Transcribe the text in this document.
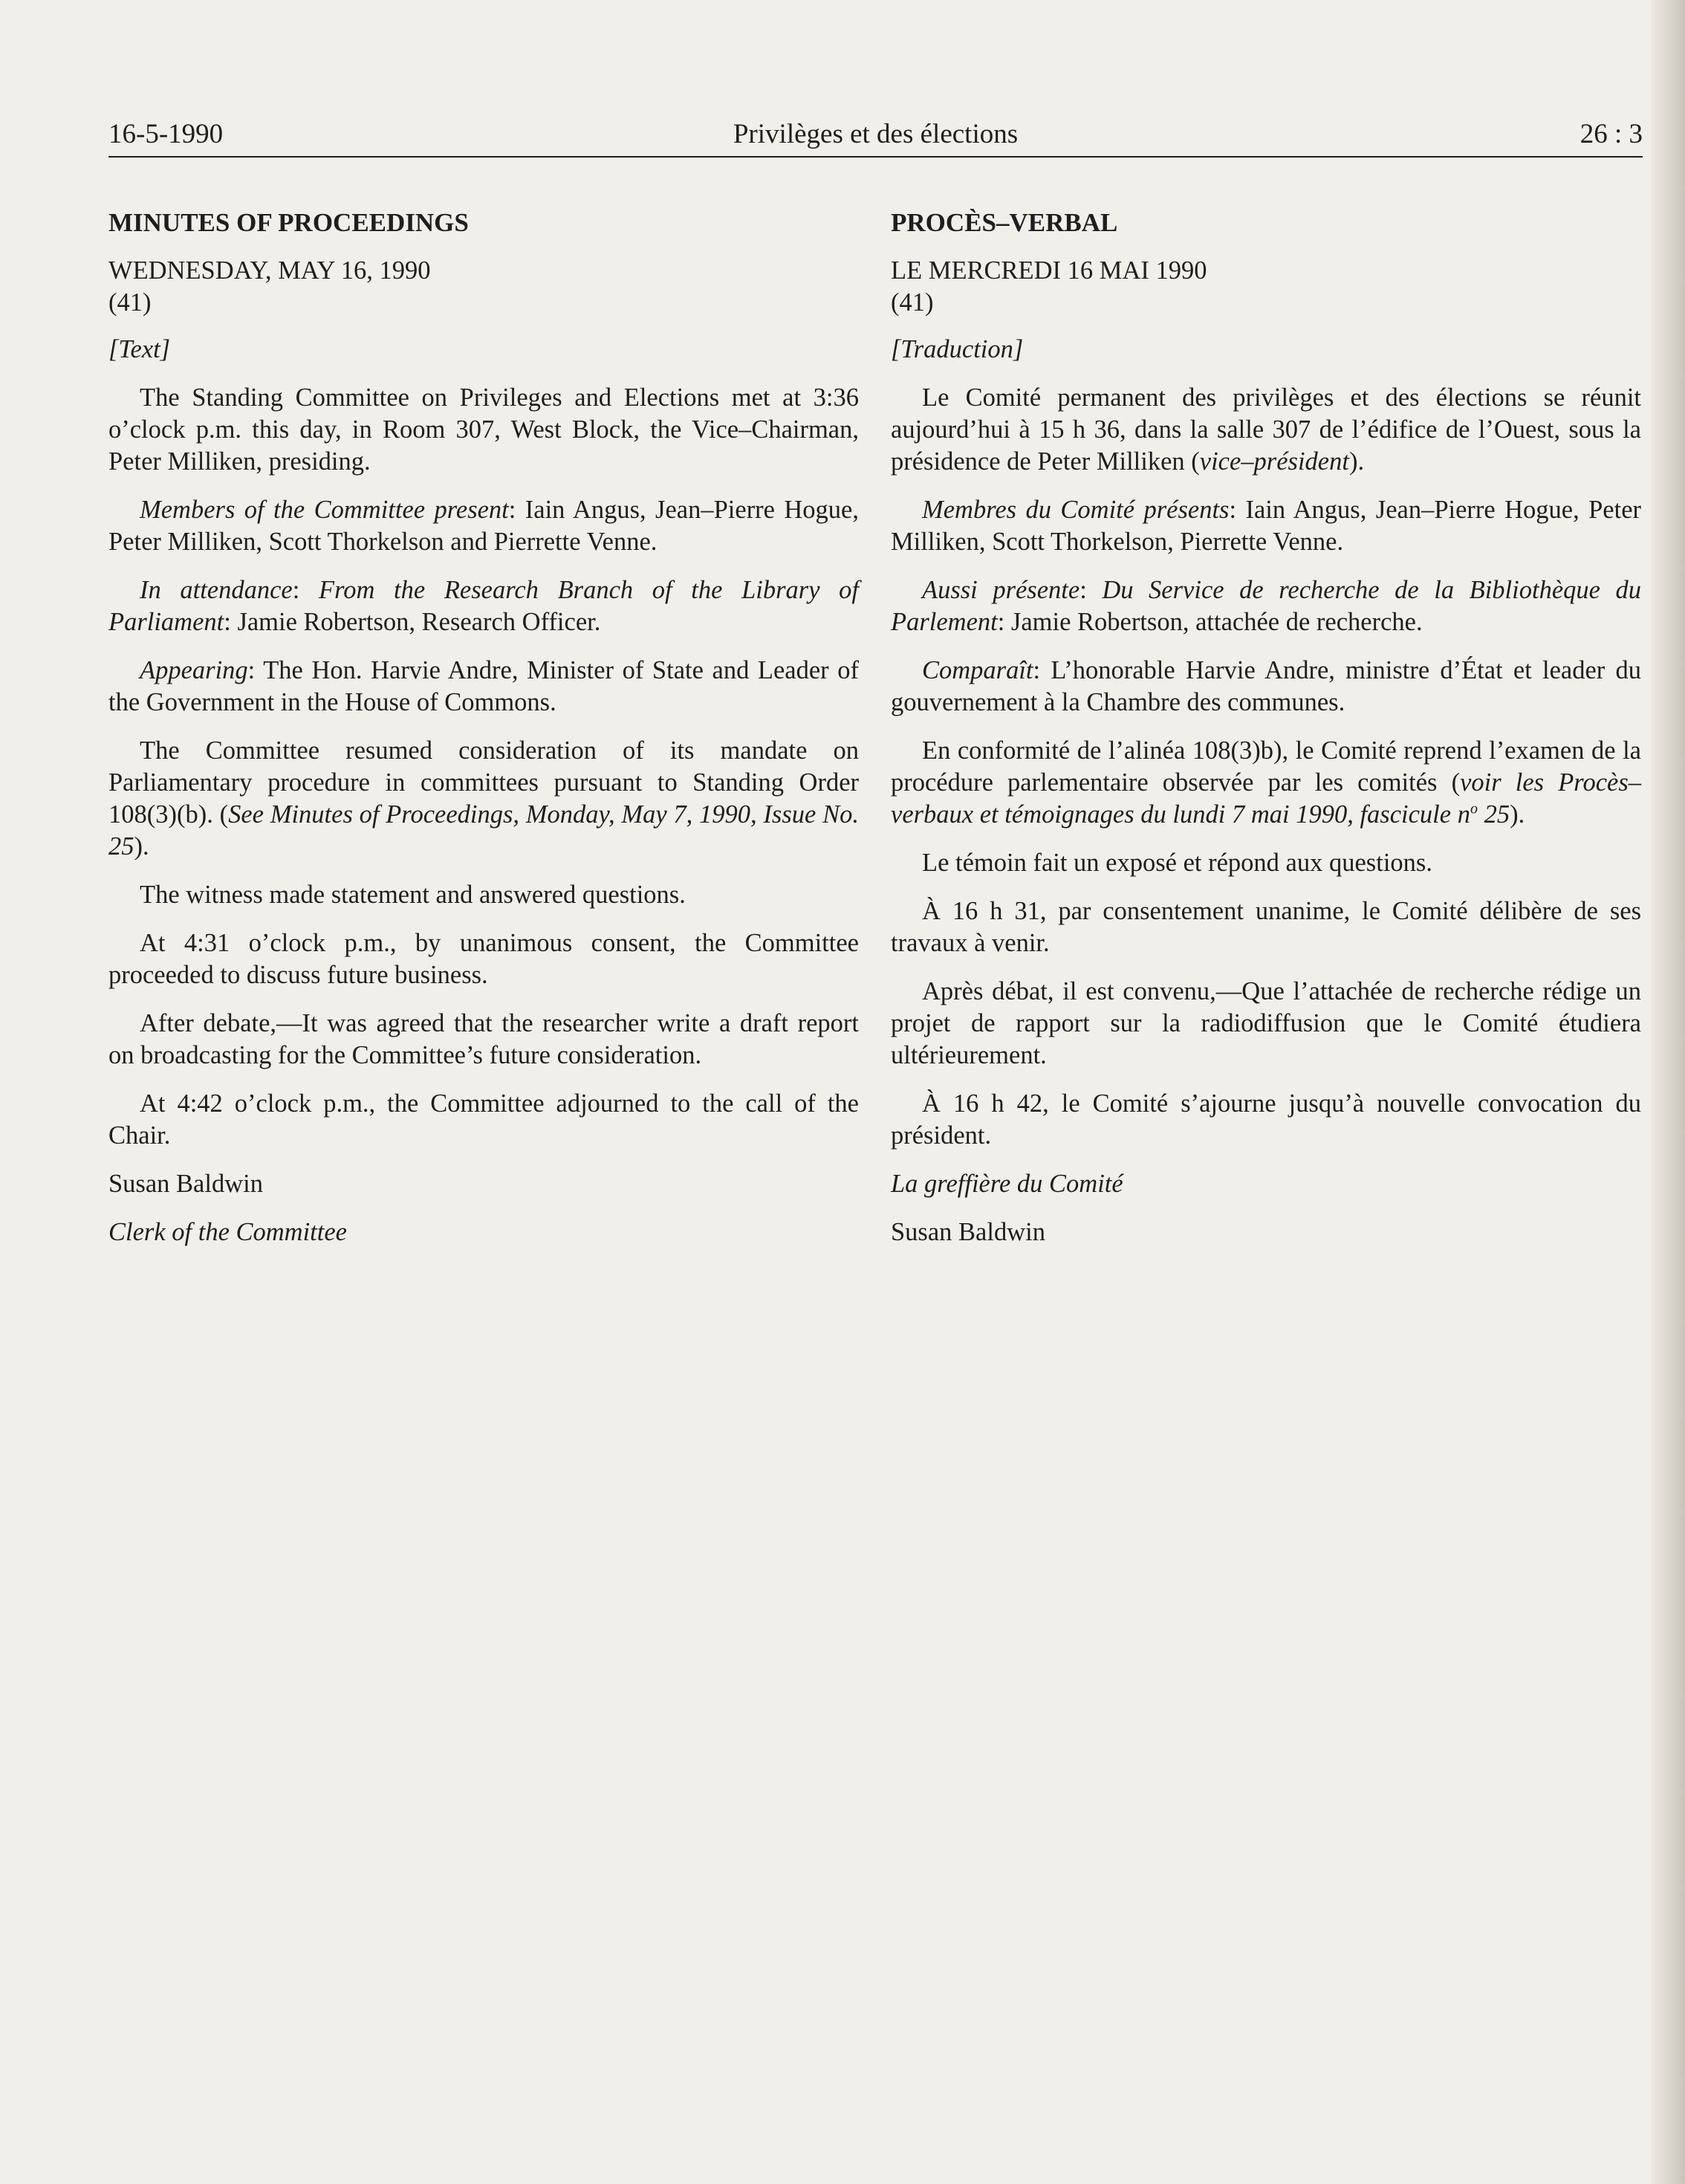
16-5-1990	Privilèges et des élections	26 : 3

MINUTES OF PROCEEDINGS

WEDNESDAY, MAY 16, 1990
(41)

[Text]

The Standing Committee on Privileges and Elections met at 3:36 o’clock p.m. this day, in Room 307, West Block, the Vice–Chairman, Peter Milliken, presiding.

Members of the Committee present: Iain Angus, Jean–Pierre Hogue, Peter Milliken, Scott Thorkelson and Pierrette Venne.

In attendance: From the Research Branch of the Library of Parliament: Jamie Robertson, Research Officer.

Appearing: The Hon. Harvie Andre, Minister of State and Leader of the Government in the House of Commons.

The Committee resumed consideration of its mandate on Parliamentary procedure in committees pursuant to Standing Order 108(3)(b). (See Minutes of Proceedings, Monday, May 7, 1990, Issue No. 25).

The witness made statement and answered questions.

At 4:31 o’clock p.m., by unanimous consent, the Committee proceeded to discuss future business.

After debate,—It was agreed that the researcher write a draft report on broadcasting for the Committee’s future consideration.

At 4:42 o’clock p.m., the Committee adjourned to the call of the Chair.

Susan Baldwin

Clerk of the Committee

PROCÈS–VERBAL

LE MERCREDI 16 MAI 1990
(41)

[Traduction]

Le Comité permanent des privilèges et des élections se réunit aujourd’hui à 15 h 36, dans la salle 307 de l’édifice de l’Ouest, sous la présidence de Peter Milliken (vice–président).

Membres du Comité présents: Iain Angus, Jean–Pierre Hogue, Peter Milliken, Scott Thorkelson, Pierrette Venne.

Aussi présente: Du Service de recherche de la Bibliothèque du Parlement: Jamie Robertson, attachée de recherche.

Comparaît: L’honorable Harvie Andre, ministre d’État et leader du gouvernement à la Chambre des communes.

En conformité de l’alinéa 108(3)b), le Comité reprend l’examen de la procédure parlementaire observée par les comités (voir les Procès–verbaux et témoignages du lundi 7 mai 1990, fascicule $n^o$ 25).

Le témoin fait un exposé et répond aux questions.

À 16 h 31, par consentement unanime, le Comité délibère de ses travaux à venir.

Après débat, il est convenu,—Que l’attachée de recherche rédige un projet de rapport sur la radiodiffusion que le Comité étudiera ultérieurement.

À 16 h 42, le Comité s’ajourne jusqu’à nouvelle convocation du président.

La greffière du Comité

Susan Baldwin
